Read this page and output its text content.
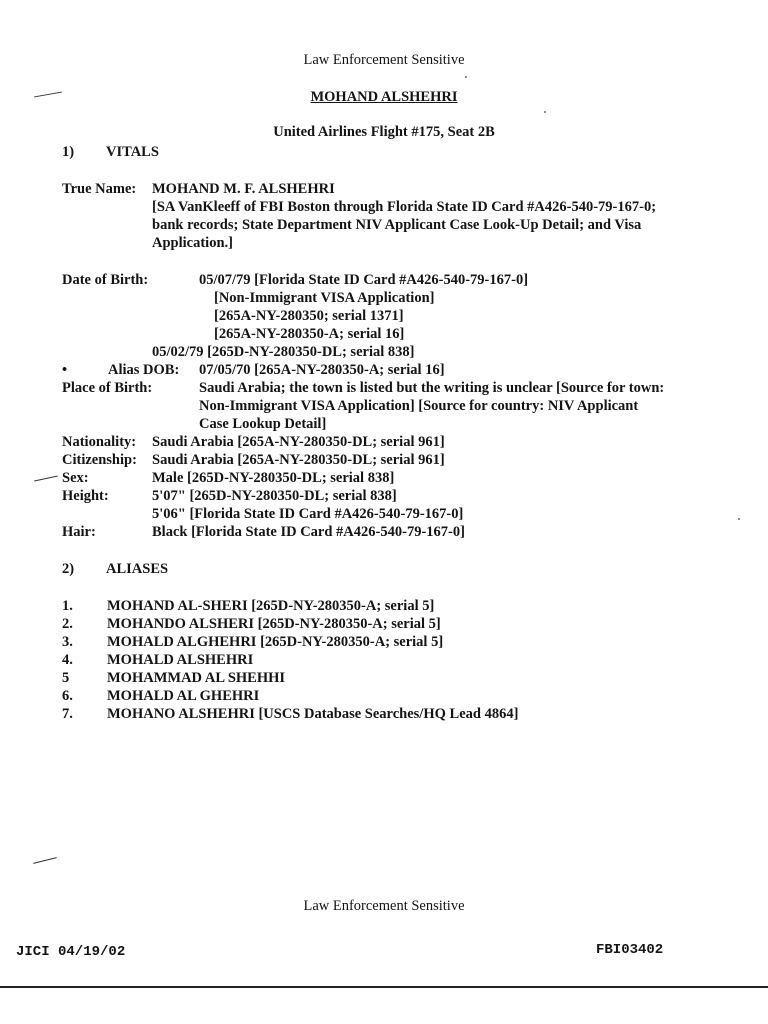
Law Enforcement Sensitive
MOHAND ALSHEHRI
United Airlines Flight #175, Seat 2B
1) VITALS
True Name: MOHAND M. F. ALSHEHRI
[SA VanKleeff of FBI Boston through Florida State ID Card #A426-540-79-167-0;
bank records; State Department NIV Applicant Case Look-Up Detail; and Visa
Application.]
Date of Birth:	05/07/79 [Florida State ID Card #A426-540-79-167-0]
[Non-Immigrant VISA Application]
[265A-NY-280350; serial 1371]
[265A-NY-280350-A; serial 16]
05/02/79 [265D-NY-280350-DL; serial 838]
•	Alias DOB: 07/05/70 [265A-NY-280350-A; serial 16]
Place of Birth:	Saudi Arabia; the town is listed but the writing is unclear [Source for town:
Non-Immigrant VISA Application] [Source for country: NIV Applicant
Case Lookup Detail]
Nationality: Saudi Arabia [265A-NY-280350-DL; serial 961]
Citizenship: Saudi Arabia [265A-NY-280350-DL; serial 961]
Sex:	Male [265D-NY-280350-DL; serial 838]
Height:	5'07" [265D-NY-280350-DL; serial 838]
5'06" [Florida State ID Card #A426-540-79-167-0]
Hair:	Black [Florida State ID Card #A426-540-79-167-0]
2) ALIASES
1. MOHAND AL-SHERI [265D-NY-280350-A; serial 5]
2. MOHANDO ALSHERI [265D-NY-280350-A; serial 5]
3. MOHALD ALGHEHRI [265D-NY-280350-A; serial 5]
4. MOHALD ALSHEHRI
5	MOHAMMAD AL SHEHHI
6. MOHALD AL GHEHRI
7. MOHANO ALSHEHRI [USCS Database Searches/HQ Lead 4864]
Law Enforcement Sensitive
JICI 04/19/02	FBI03402
